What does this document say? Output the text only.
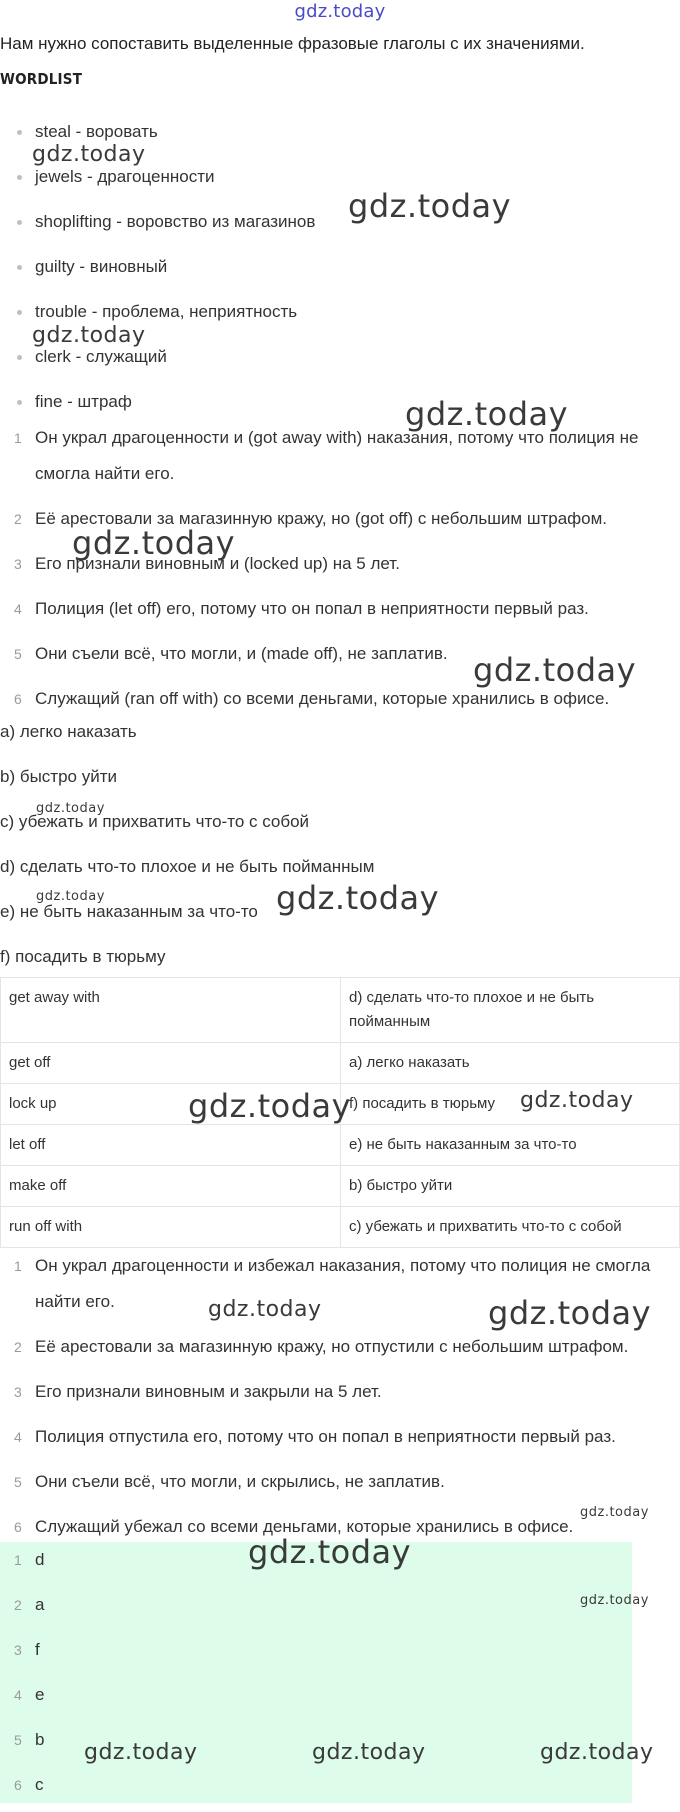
gdz.today
Нам нужно сопоставить выделенные фразовые глаголы с их значениями.
WORDLIST
steal - воровать
jewels - драгоценности
shoplifting - воровство из магазинов
guilty - виновный
trouble - проблема, неприятность
clerk - служащий
fine - штраф
1 Он украл драгоценности и (got away with) наказания, потому что полиция не смогла найти его.
2 Её арестовали за магазинную кражу, но (got off) с небольшим штрафом.
3 Его признали виновным и (locked up) на 5 лет.
4 Полиция (let off) его, потому что он попал в неприятности первый раз.
5 Они съели всё, что могли, и (made off), не заплатив.
6 Служащий (ran off with) со всеми деньгами, которые хранились в офисе.
a) легко наказать
b) быстро уйти
c) убежать и прихватить что-то с собой
d) сделать что-то плохое и не быть пойманным
e) не быть наказанным за что-то
f) посадить в тюрьму
get away with	d) сделать что-то плохое и не быть пойманным
get off	a) легко наказать
lock up	f) посадить в тюрьму
let off	e) не быть наказанным за что-то
make off	b) быстро уйти
run off with	c) убежать и прихватить что-то с собой
1 Он украл драгоценности и избежал наказания, потому что полиция не смогла найти его.
2 Её арестовали за магазинную кражу, но отпустили с небольшим штрафом.
3 Его признали виновным и закрыли на 5 лет.
4 Полиция отпустила его, потому что он попал в неприятности первый раз.
5 Они съели всё, что могли, и скрылись, не заплатив.
6 Служащий убежал со всеми деньгами, которые хранились в офисе.
1 d
2 a
3 f
4 e
5 b
6 c
gdz.today
gdz.today
gdz.today
gdz.today
gdz.today
gdz.today
gdz.today
gdz.today	gdz.today
gdz.today	gdz.today
gdz.today	gdz.today
gdz.today
gdz.today
gdz.today
gdz.today	gdz.today	gdz.today
